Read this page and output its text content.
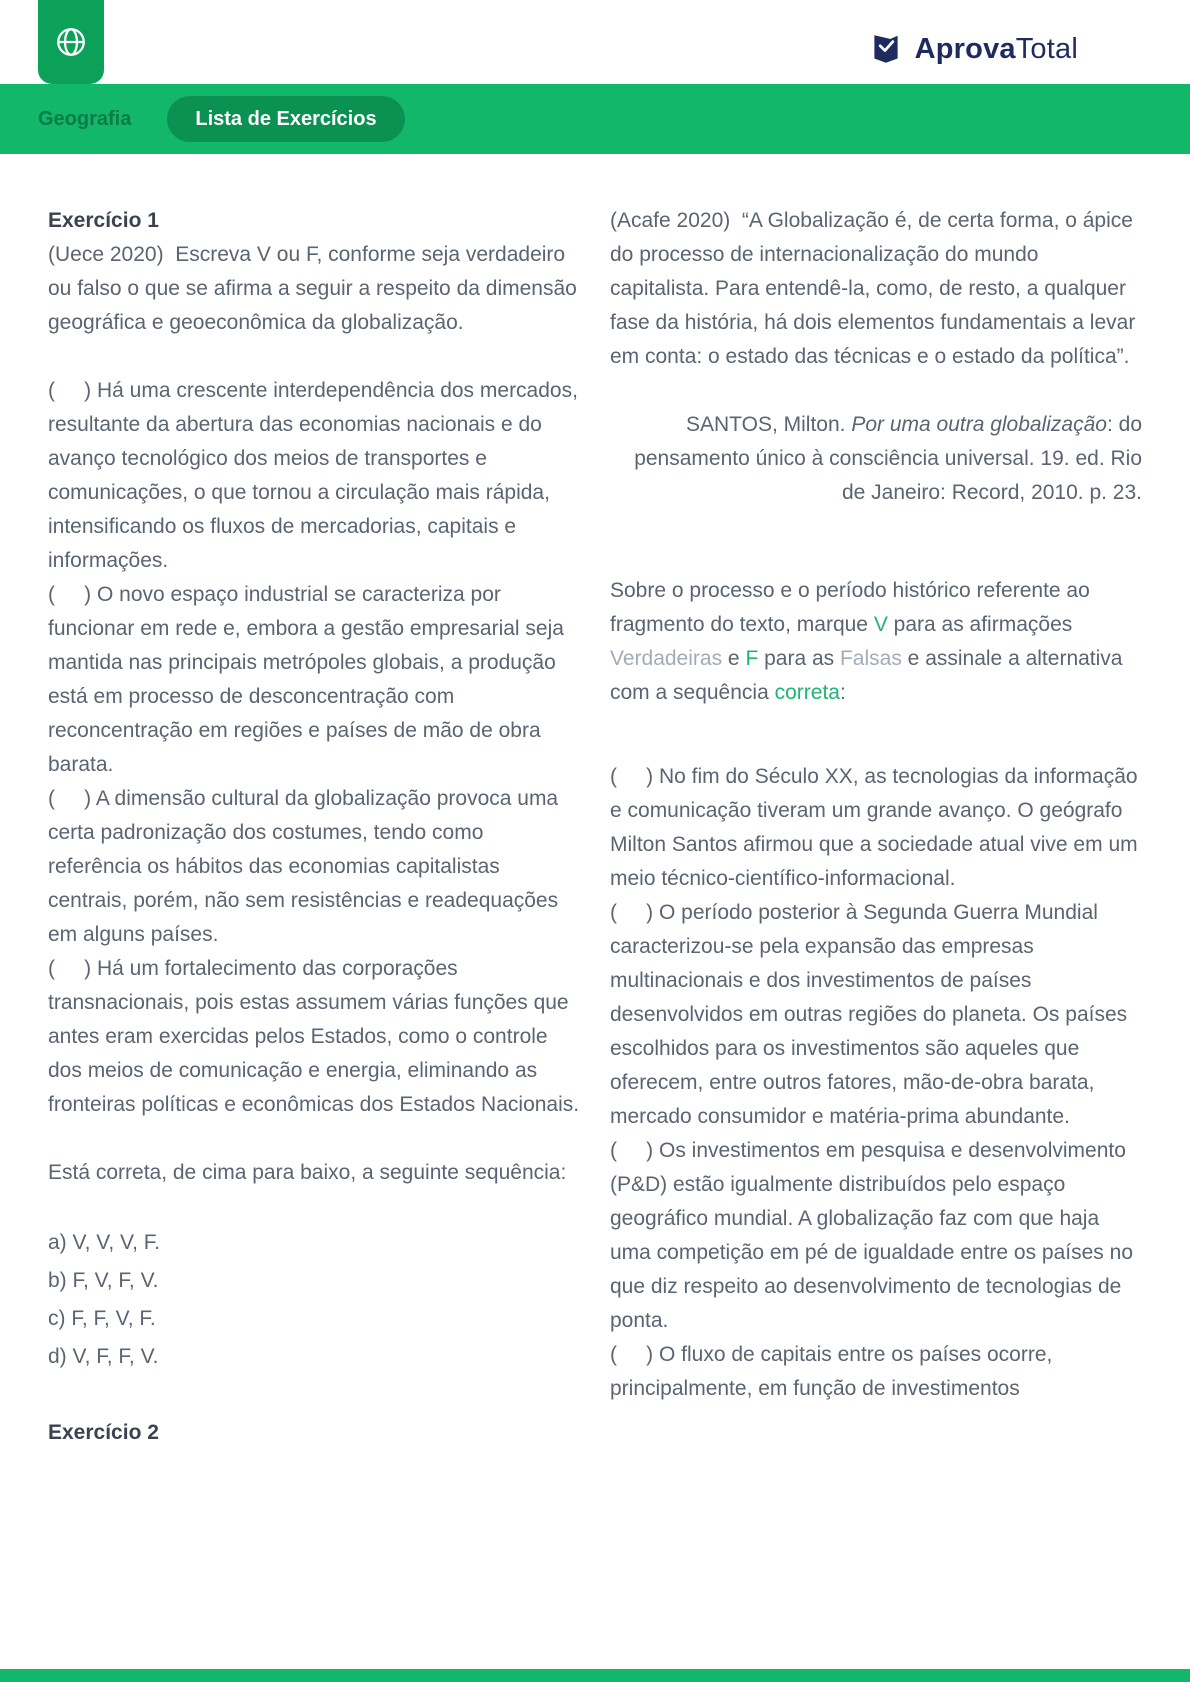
AprovaTotal
Geografia	Lista de Exercícios
Exercício 1

(Uece 2020)  Escreva V ou F, conforme seja verdadeiro ou falso o que se afirma a seguir a respeito da dimensão geográfica e geoeconômica da globalização.

(     ) Há uma crescente interdependência dos mercados, resultante da abertura das economias nacionais e do avanço tecnológico dos meios de transportes e comunicações, o que tornou a circulação mais rápida, intensificando os fluxos de mercadorias, capitais e informações.

(     ) O novo espaço industrial se caracteriza por funcionar em rede e, embora a gestão empresarial seja mantida nas principais metrópoles globais, a produção está em processo de desconcentração com reconcentração em regiões e países de mão de obra barata.

(     ) A dimensão cultural da globalização provoca uma certa padronização dos costumes, tendo como referência os hábitos das economias capitalistas centrais, porém, não sem resistências e readequações em alguns países.

(     ) Há um fortalecimento das corporações transnacionais, pois estas assumem várias funções que antes eram exercidas pelos Estados, como o controle dos meios de comunicação e energia, eliminando as fronteiras políticas e econômicas dos Estados Nacionais.

Está correta, de cima para baixo, a seguinte sequência:

a) V, V, V, F.
b) F, V, F, V.
c) F, F, V, F.
d) V, F, F, V.
Exercício 2

(Acafe 2020)  “A Globalização é, de certa forma, o ápice do processo de internacionalização do mundo capitalista. Para entendê-la, como, de resto, a qualquer fase da história, há dois elementos fundamentais a levar em conta: o estado das técnicas e o estado da política”.

SANTOS, Milton. Por uma outra globalização: do pensamento único à consciência universal. 19. ed. Rio de Janeiro: Record, 2010. p. 23.

Sobre o processo e o período histórico referente ao fragmento do texto, marque V para as afirmações Verdadeiras e F para as Falsas e assinale a alternativa com a sequência correta:

(     ) No fim do Século XX, as tecnologias da informação e comunicação tiveram um grande avanço. O geógrafo Milton Santos afirmou que a sociedade atual vive em um meio técnico-científico-informacional.

(     ) O período posterior à Segunda Guerra Mundial caracterizou-se pela expansão das empresas multinacionais e dos investimentos de países desenvolvidos em outras regiões do planeta. Os países escolhidos para os investimentos são aqueles que oferecem, entre outros fatores, mão-de-obra barata, mercado consumidor e matéria-prima abundante.

(     ) Os investimentos em pesquisa e desenvolvimento (P&D) estão igualmente distribuídos pelo espaço geográfico mundial. A globalização faz com que haja uma competição em pé de igualdade entre os países no que diz respeito ao desenvolvimento de tecnologias de ponta.

(     ) O fluxo de capitais entre os países ocorre, principalmente, em função de investimentos
